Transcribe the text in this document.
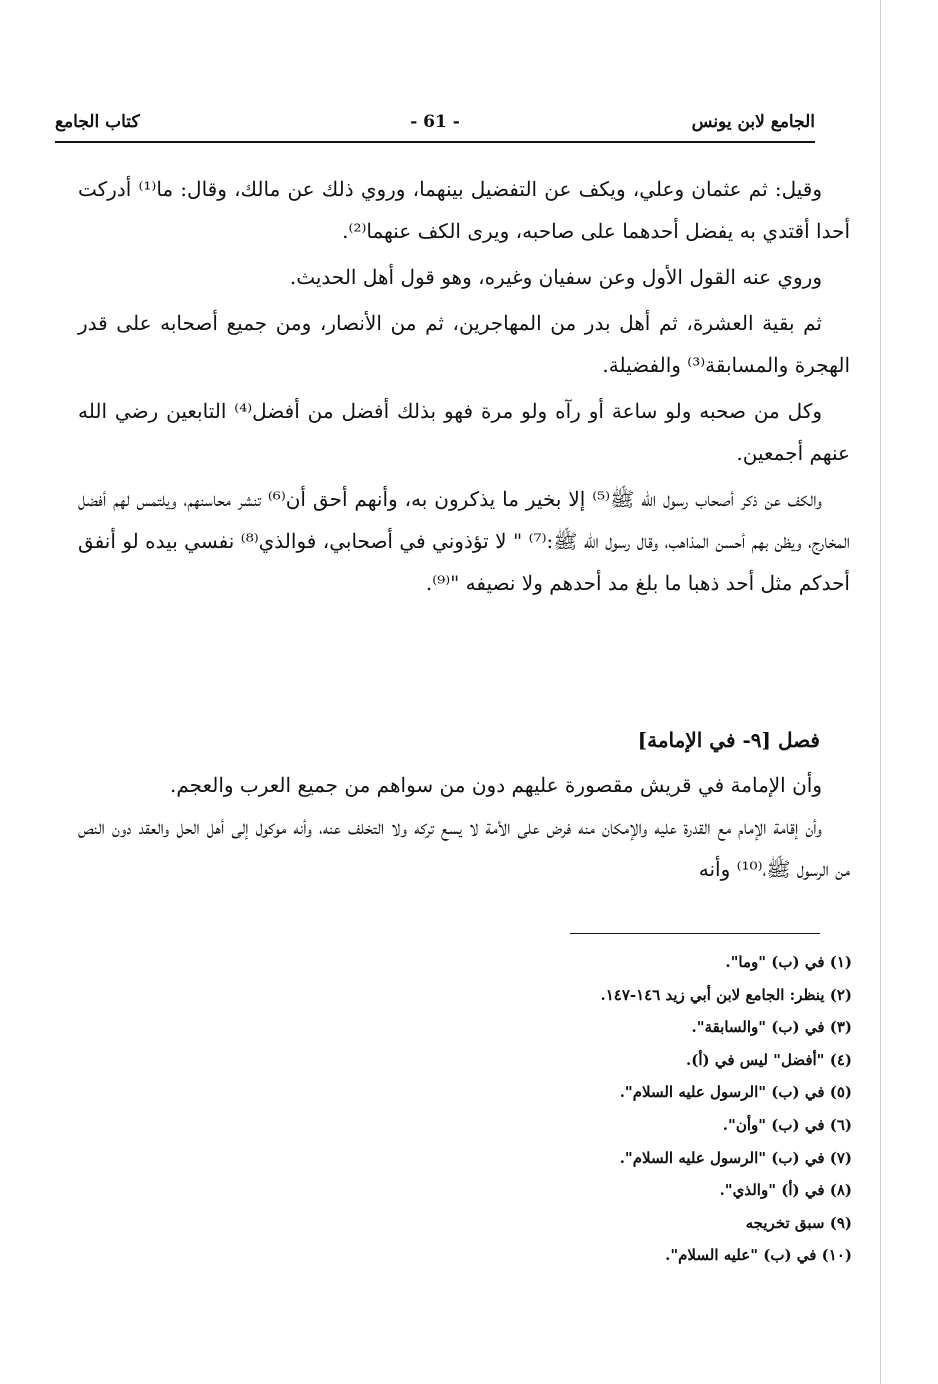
الجامع لابن يونس
- 61 -
كتاب الجامع

وقيل: ثم عثمان وعلي، ويكف عن التفضيل بينهما، وروي ذلك عن مالك، وقال: ما⁽¹⁾ أدركت أحدا أقتدي به يفضل أحدهما على صاحبه، ويرى الكف عنهما⁽²⁾.

وروي عنه القول الأول وعن سفيان وغيره، وهو قول أهل الحديث.

ثم بقية العشرة، ثم أهل بدر من المهاجرين، ثم من الأنصار، ومن جميع أصحابه على قدر الهجرة والمسابقة⁽³⁾ والفضيلة.

وكل من صحبه ولو ساعة أو رآه ولو مرة فهو بذلك أفضل من أفضل⁽⁴⁾ التابعين رضي الله عنهم أجمعين.

والكف عن ذكر أصحاب رسول الله ﷺ⁽⁵⁾ إلا بخير ما يذكرون به، وأنهم أحق أن⁽⁶⁾ تنشر محاسنهم، ويلتمس لهم أفضل المخارج، ويظن بهم أحسن المذاهب، وقال رسول الله ﷺ:⁽⁷⁾ " لا تؤذوني في أصحابي، فوالذي⁽⁸⁾ نفسي بيده لو أنفق أحدكم مثل أحد ذهبا ما بلغ مد أحدهم ولا نصيفه "⁽⁹⁾.

فصل [٩- في الإمامة]

وأن الإمامة في قريش مقصورة عليهم دون من سواهم من جميع العرب والعجم.

وأن إقامة الإمام مع القدرة عليه والإمكان منه فرض على الأمة لا يسع تركه ولا التخلف عنه، وأنه موكول إلى أهل الحل والعقد دون النص من الرسول ﷺ،⁽¹⁰⁾ وأنه

(١) في (ب) "وما".
(٢) ينظر: الجامع لابن أبي زيد ١٤٦-١٤٧.
(٣) في (ب) "والسابقة".
(٤) "أفضل" ليس في (أ).
(٥) في (ب) "الرسول عليه السلام".
(٦) في (ب) "وأن".
(٧) في (ب) "الرسول عليه السلام".
(٨) في (أ) "والذي".
(٩) سبق تخريجه
(١٠) في (ب) "عليه السلام".
